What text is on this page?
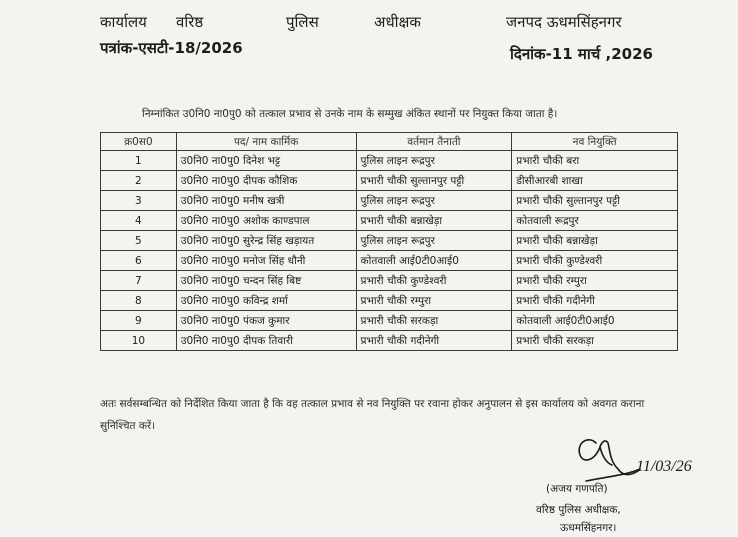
कार्यालय वरिष्ठ	पुलिस	अधीक्षक	जनपद ऊधमसिंहनगर
पत्रांक-एसटी-18/2026	दिनांक-11 मार्च ,2026
निम्नांकित उ0नि0 ना0पु0 को तत्काल प्रभाव से उनके नाम के सम्मुख अंकित स्थानों पर नियुक्त किया जाता है।
क्र0स0	पद/ नाम कार्मिक	वर्तमान तैनाती	नव नियुक्ति
1	उ0नि0 ना0पु0 दिनेश भट्ट	पुलिस लाइन रूद्रपुर	प्रभारी चौकी बरा
2	उ0नि0 ना0पु0 दीपक कौशिक	प्रभारी चौकी सुल्तानपुर पट्टी	डीसीआरबी शाखा
3	उ0नि0 ना0पु0 मनीष खत्री	पुलिस लाइन रूद्रपुर	प्रभारी चौकी सुल्तानपुर पट्टी
4	उ0नि0 ना0पु0 अशोक काण्डपाल	प्रभारी चौकी बन्नाखेड़ा	कोतवाली रूद्रपुर
5	उ0नि0 ना0पु0 सुरेन्द्र सिंह खड़ायत	पुलिस लाइन रूद्रपुर	प्रभारी चौकी बन्नाखेड़ा
6	उ0नि0 ना0पु0 मनोज सिंह धौनी	कोतवाली आई0टी0आई0	प्रभारी चौकी कुण्डेश्वरी
7	उ0नि0 ना0पु0 चन्दन सिंह बिष्ट	प्रभारी चौकी कुण्डेश्वरी	प्रभारी चौकी रम्पुरा
8	उ0नि0 ना0पु0 कविन्द्र शर्मा	प्रभारी चौकी रम्पुरा	प्रभारी चौकी गदीनेगी
9	उ0नि0 ना0पु0 पंकज कुमार	प्रभारी चौकी सरकड़ा	कोतवाली आई0टी0आई0
10	उ0नि0 ना0पु0 दीपक तिवारी	प्रभारी चौकी गदीनेगी	प्रभारी चौकी सरकड़ा
अतः सर्वसम्बन्धित को निर्देशित किया जाता है कि वह तत्काल प्रभाव से नव नियुक्ति पर रवाना होकर अनुपालन से इस कार्यालय को अवगत कराना सुनिश्चित करें।
11/03/26
(अजय गणपति)
वरिष्ठ पुलिस अधीक्षक,
ऊधमसिंहनगर।
